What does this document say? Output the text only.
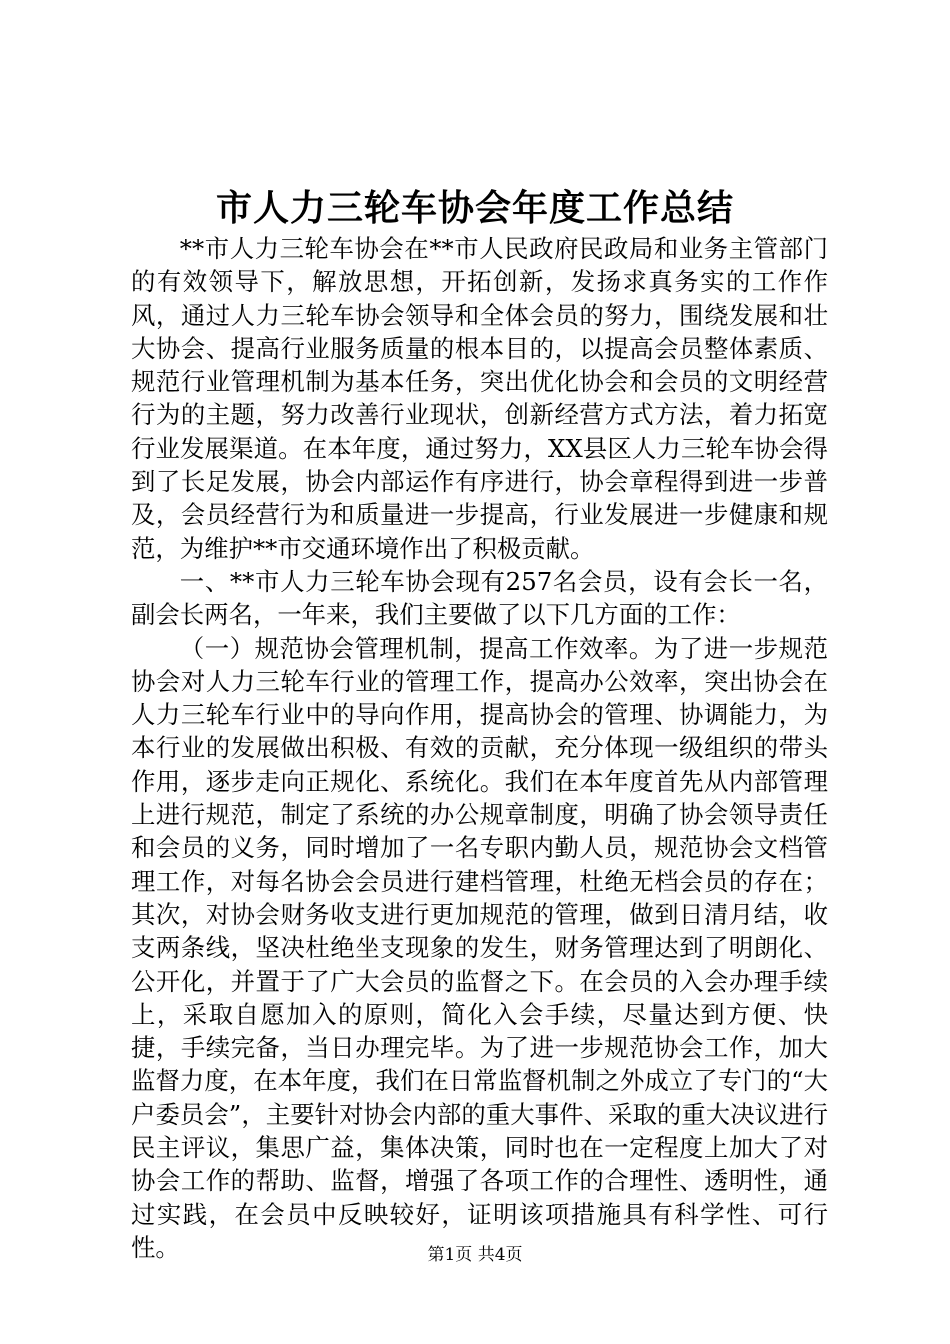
市人力三轮车协会年度工作总结

**市人力三轮车协会在**市人民政府民政局和业务主管部门的有效领导下，解放思想，开拓创新，发扬求真务实的工作作风，通过人力三轮车协会领导和全体会员的努力，围绕发展和壮大协会、提高行业服务质量的根本目的，以提高会员整体素质、规范行业管理机制为基本任务，突出优化协会和会员的文明经营行为的主题，努力改善行业现状，创新经营方式方法，着力拓宽行业发展渠道。在本年度，通过努力，XX县区人力三轮车协会得到了长足发展，协会内部运作有序进行，协会章程得到进一步普及，会员经营行为和质量进一步提高，行业发展进一步健康和规范，为维护**市交通环境作出了积极贡献。

一、**市人力三轮车协会现有257名会员，设有会长一名，副会长两名，一年来，我们主要做了以下几方面的工作：

（一）规范协会管理机制，提高工作效率。为了进一步规范协会对人力三轮车行业的管理工作，提高办公效率，突出协会在人力三轮车行业中的导向作用，提高协会的管理、协调能力，为本行业的发展做出积极、有效的贡献，充分体现一级组织的带头作用，逐步走向正规化、系统化。我们在本年度首先从内部管理上进行规范，制定了系统的办公规章制度，明确了协会领导责任和会员的义务，同时增加了一名专职内勤人员，规范协会文档管理工作，对每名协会会员进行建档管理，杜绝无档会员的存在；其次，对协会财务收支进行更加规范的管理，做到日清月结，收支两条线，坚决杜绝坐支现象的发生，财务管理达到了明朗化、公开化，并置于了广大会员的监督之下。在会员的入会办理手续上，采取自愿加入的原则，简化入会手续，尽量达到方便、快捷，手续完备，当日办理完毕。为了进一步规范协会工作，加大监督力度，在本年度，我们在日常监督机制之外成立了专门的“大户委员会”，主要针对协会内部的重大事件、采取的重大决议进行民主评议，集思广益，集体决策，同时也在一定程度上加大了对协会工作的帮助、监督，增强了各项工作的合理性、透明性，通过实践，在会员中反映较好，证明该项措施具有科学性、可行性。	第1页 共4页
